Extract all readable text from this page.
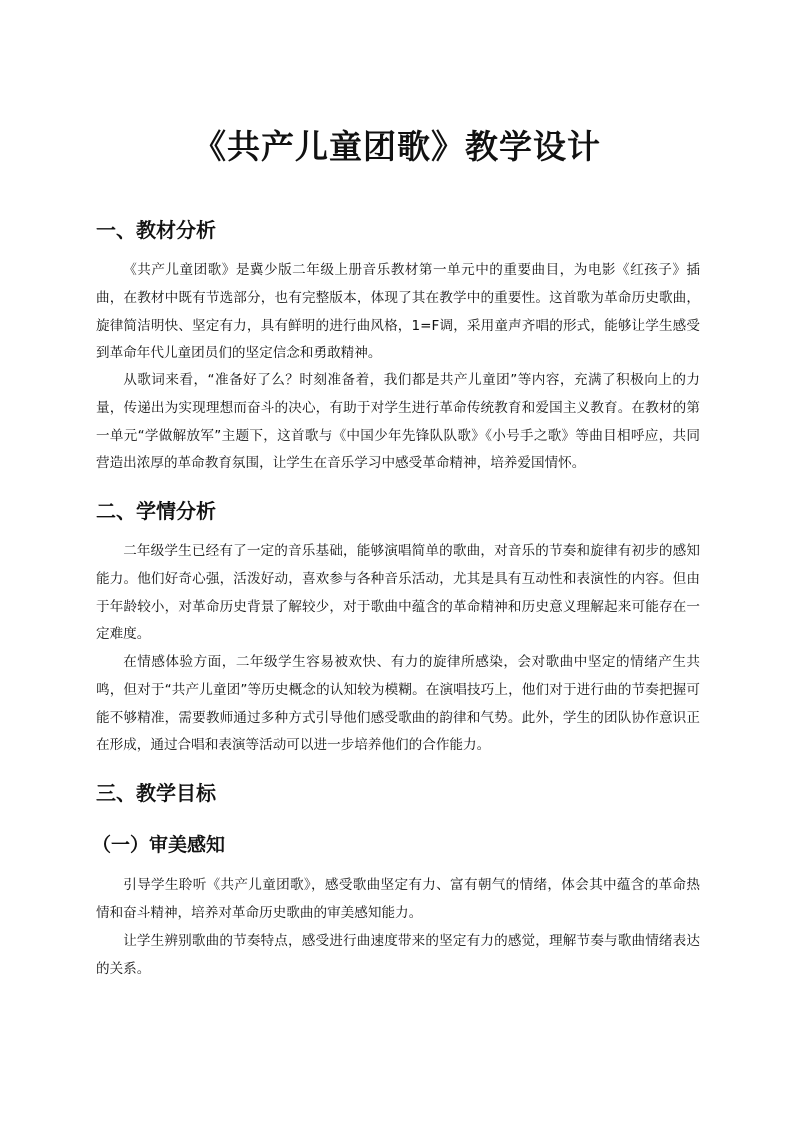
《共产儿童团歌》教学设计
一、教材分析

《共产儿童团歌》是冀少版二年级上册音乐教材第一单元中的重要曲目，为电影《红孩子》插曲，在教材中既有节选部分，也有完整版本，体现了其在教学中的重要性。这首歌为革命历史歌曲，旋律简洁明快、坚定有力，具有鲜明的进行曲风格，1=F调，采用童声齐唱的形式，能够让学生感受到革命年代儿童团员们的坚定信念和勇敢精神。

从歌词来看，“准备好了么？时刻准备着，我们都是共产儿童团”等内容，充满了积极向上的力量，传递出为实现理想而奋斗的决心，有助于对学生进行革命传统教育和爱国主义教育。在教材的第一单元“学做解放军”主题下，这首歌与《中国少年先锋队队歌》《小号手之歌》等曲目相呼应，共同营造出浓厚的革命教育氛围，让学生在音乐学习中感受革命精神，培养爱国情怀。

二、学情分析

二年级学生已经有了一定的音乐基础，能够演唱简单的歌曲，对音乐的节奏和旋律有初步的感知能力。他们好奇心强，活泼好动，喜欢参与各种音乐活动，尤其是具有互动性和表演性的内容。但由于年龄较小，对革命历史背景了解较少，对于歌曲中蕴含的革命精神和历史意义理解起来可能存在一定难度。

在情感体验方面，二年级学生容易被欢快、有力的旋律所感染，会对歌曲中坚定的情绪产生共鸣，但对于“共产儿童团”等历史概念的认知较为模糊。在演唱技巧上，他们对于进行曲的节奏把握可能不够精准，需要教师通过多种方式引导他们感受歌曲的韵律和气势。此外，学生的团队协作意识正在形成，通过合唱和表演等活动可以进一步培养他们的合作能力。

三、教学目标
（一）审美感知

引导学生聆听《共产儿童团歌》，感受歌曲坚定有力、富有朝气的情绪，体会其中蕴含的革命热情和奋斗精神，培养对革命历史歌曲的审美感知能力。

让学生辨别歌曲的节奏特点，感受进行曲速度带来的坚定有力的感觉，理解节奏与歌曲情绪表达的关系。
